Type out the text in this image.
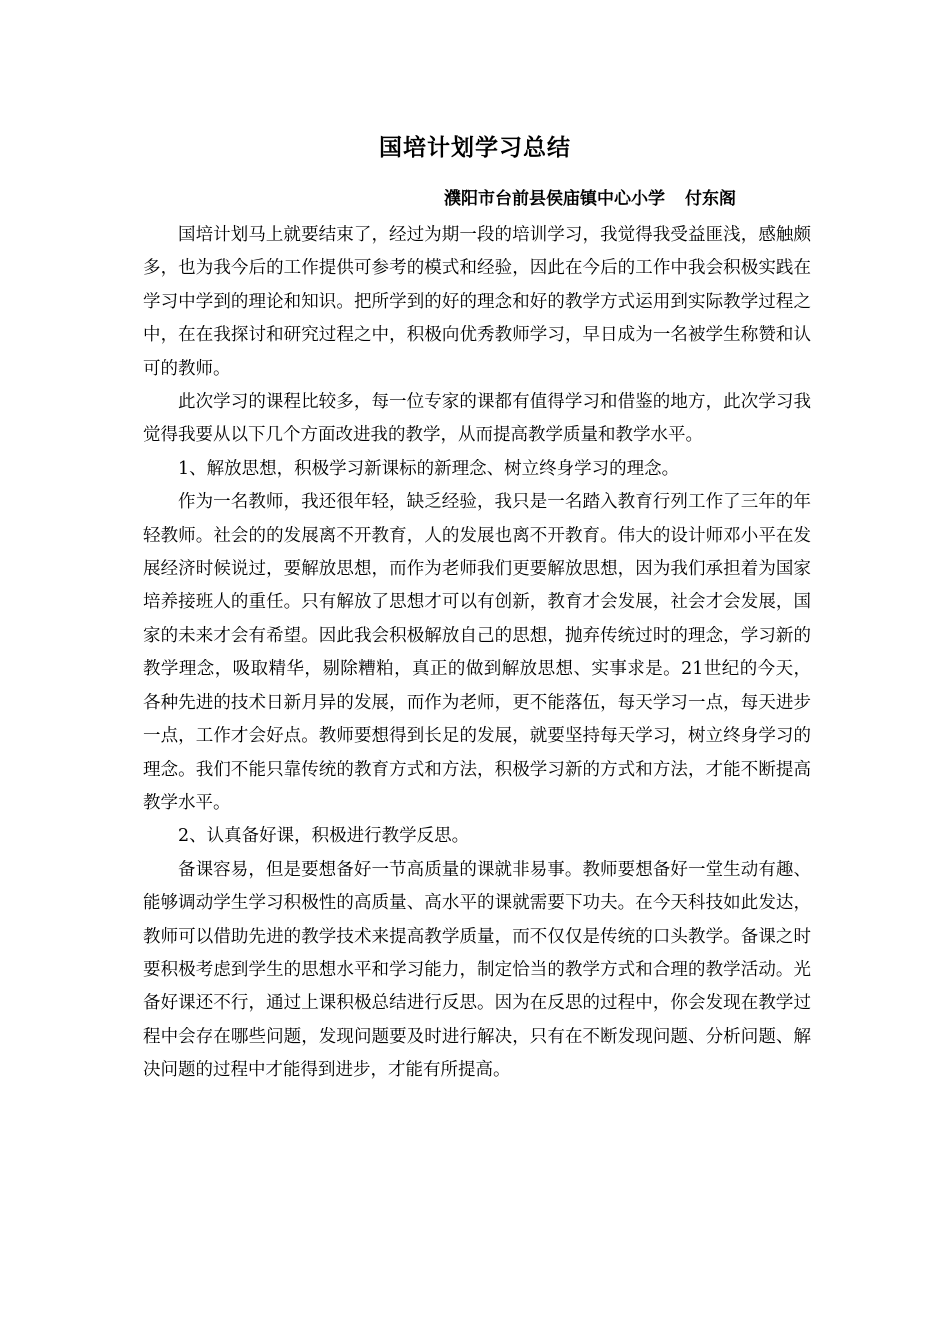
国培计划学习总结
濮阳市台前县侯庙镇中心小学 付东阁

国培计划马上就要结束了，经过为期一段的培训学习，我觉得我受益匪浅，感触颇多，也为我今后的工作提供可参考的模式和经验，因此在今后的工作中我会积极实践在学习中学到的理论和知识。把所学到的好的理念和好的教学方式运用到实际教学过程之中，在在我探讨和研究过程之中，积极向优秀教师学习，早日成为一名被学生称赞和认可的教师。

此次学习的课程比较多，每一位专家的课都有值得学习和借鉴的地方，此次学习我觉得我要从以下几个方面改进我的教学，从而提高教学质量和教学水平。

1、解放思想，积极学习新课标的新理念、树立终身学习的理念。

作为一名教师，我还很年轻，缺乏经验，我只是一名踏入教育行列工作了三年的年轻教师。社会的的发展离不开教育，人的发展也离不开教育。伟大的设计师邓小平在发展经济时候说过，要解放思想，而作为老师我们更要解放思想，因为我们承担着为国家培养接班人的重任。只有解放了思想才可以有创新，教育才会发展，社会才会发展，国家的未来才会有希望。因此我会积极解放自己的思想，抛弃传统过时的理念，学习新的教学理念，吸取精华，剔除糟粕，真正的做到解放思想、实事求是。21世纪的今天，各种先进的技术日新月异的发展，而作为老师，更不能落伍，每天学习一点，每天进步一点，工作才会好点。教师要想得到长足的发展，就要坚持每天学习，树立终身学习的理念。我们不能只靠传统的教育方式和方法，积极学习新的方式和方法，才能不断提高教学水平。

2、认真备好课，积极进行教学反思。

备课容易，但是要想备好一节高质量的课就非易事。教师要想备好一堂生动有趣、能够调动学生学习积极性的高质量、高水平的课就需要下功夫。在今天科技如此发达，教师可以借助先进的教学技术来提高教学质量，而不仅仅是传统的口头教学。备课之时要积极考虑到学生的思想水平和学习能力，制定恰当的教学方式和合理的教学活动。光备好课还不行，通过上课积极总结进行反思。因为在反思的过程中，你会发现在教学过程中会存在哪些问题，发现问题要及时进行解决，只有在不断发现问题、分析问题、解决问题的过程中才能得到进步，才能有所提高。
